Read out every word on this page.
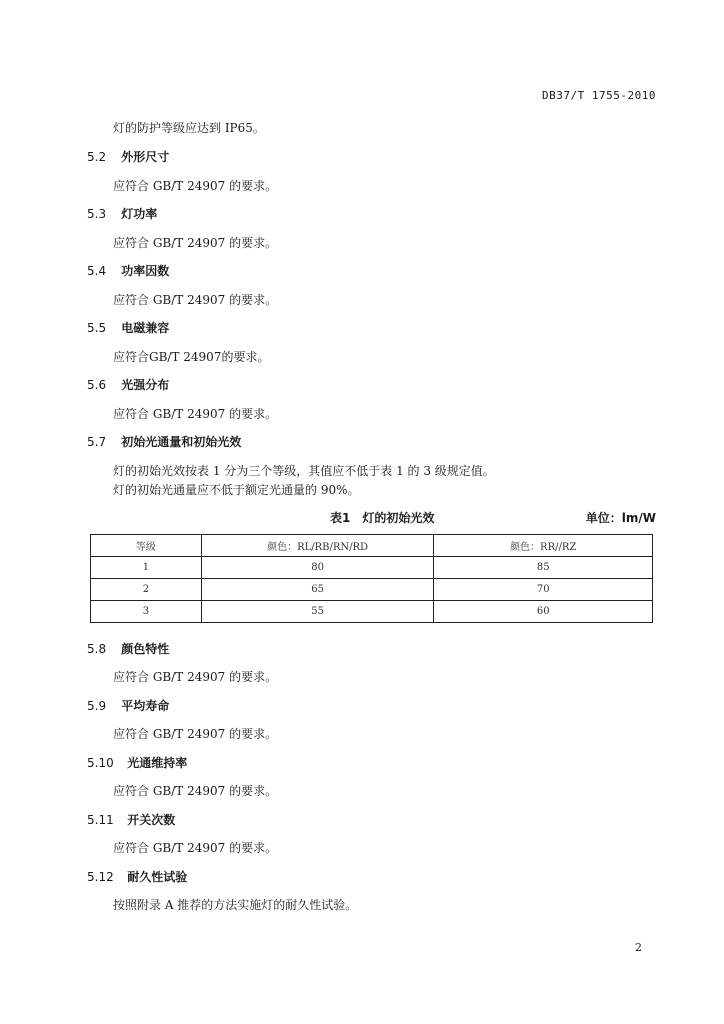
DB37/T 1755-2010
灯的防护等级应达到 IP65。
5.2 外形尺寸
应符合 GB/T 24907 的要求。
5.3 灯功率
应符合 GB/T 24907 的要求。
5.4 功率因数
应符合 GB/T 24907 的要求。
5.5 电磁兼容
应符合GB/T 24907的要求。
5.6 光强分布
应符合 GB/T 24907 的要求。
5.7 初始光通量和初始光效
灯的初始光效按表 1 分为三个等级，其值应不低于表 1 的 3 级规定值。
灯的初始光通量应不低于额定光通量的 90%。
表1　灯的初始光效	单位：lm/W
等级	颜色：RL/RB/RN/RD	颜色：RR//RZ
1	80	85
2	65	70
3	55	60
5.8 颜色特性
应符合 GB/T 24907 的要求。
5.9 平均寿命
应符合 GB/T 24907 的要求。
5.10 光通维持率
应符合 GB/T 24907 的要求。
5.11 开关次数
应符合 GB/T 24907 的要求。
5.12 耐久性试验
按照附录 A 推荐的方法实施灯的耐久性试验。
2
